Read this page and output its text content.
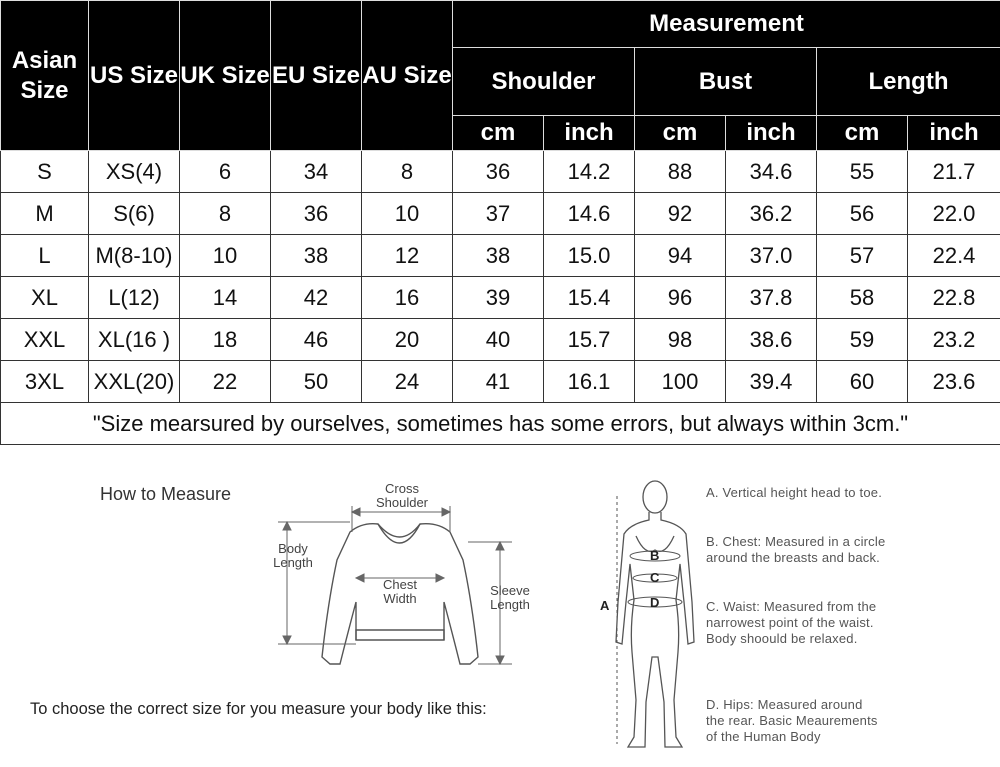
Asian Size	US Size	UK Size	EU Size	AU Size	Measurement					
					Shoulder		Bust		Length	
					cm	inch	cm	inch	cm	inch
S	XS(4)	6	34	8	36	14.2	88	34.6	55	21.7
M	S(6)	8	36	10	37	14.6	92	36.2	56	22.0
L	M(8-10)	10	38	12	38	15.0	94	37.0	57	22.4
XL	L(12)	14	42	16	39	15.4	96	37.8	58	22.8
XXL	XL(16 )	18	46	20	40	15.7	98	38.6	59	23.2
3XL	XXL(20)	22	50	24	41	16.1	100	39.4	60	23.6
"Size mearsured by ourselves, sometimes has some errors, but always within 3cm."										
How to Measure
B
C
D
A
Cross Shoulder
Body Length
Chest Width
Sleeve Length
To choose the correct size for you measure your body like this:
A. Vertical height head to toe.
B. Chest: Measured in a circle around the breasts and back.
C. Waist: Measured from the narrowest point of the waist. Body shoould be relaxed.
D. Hips: Measured around the rear. Basic Meaurements of the Human Body
